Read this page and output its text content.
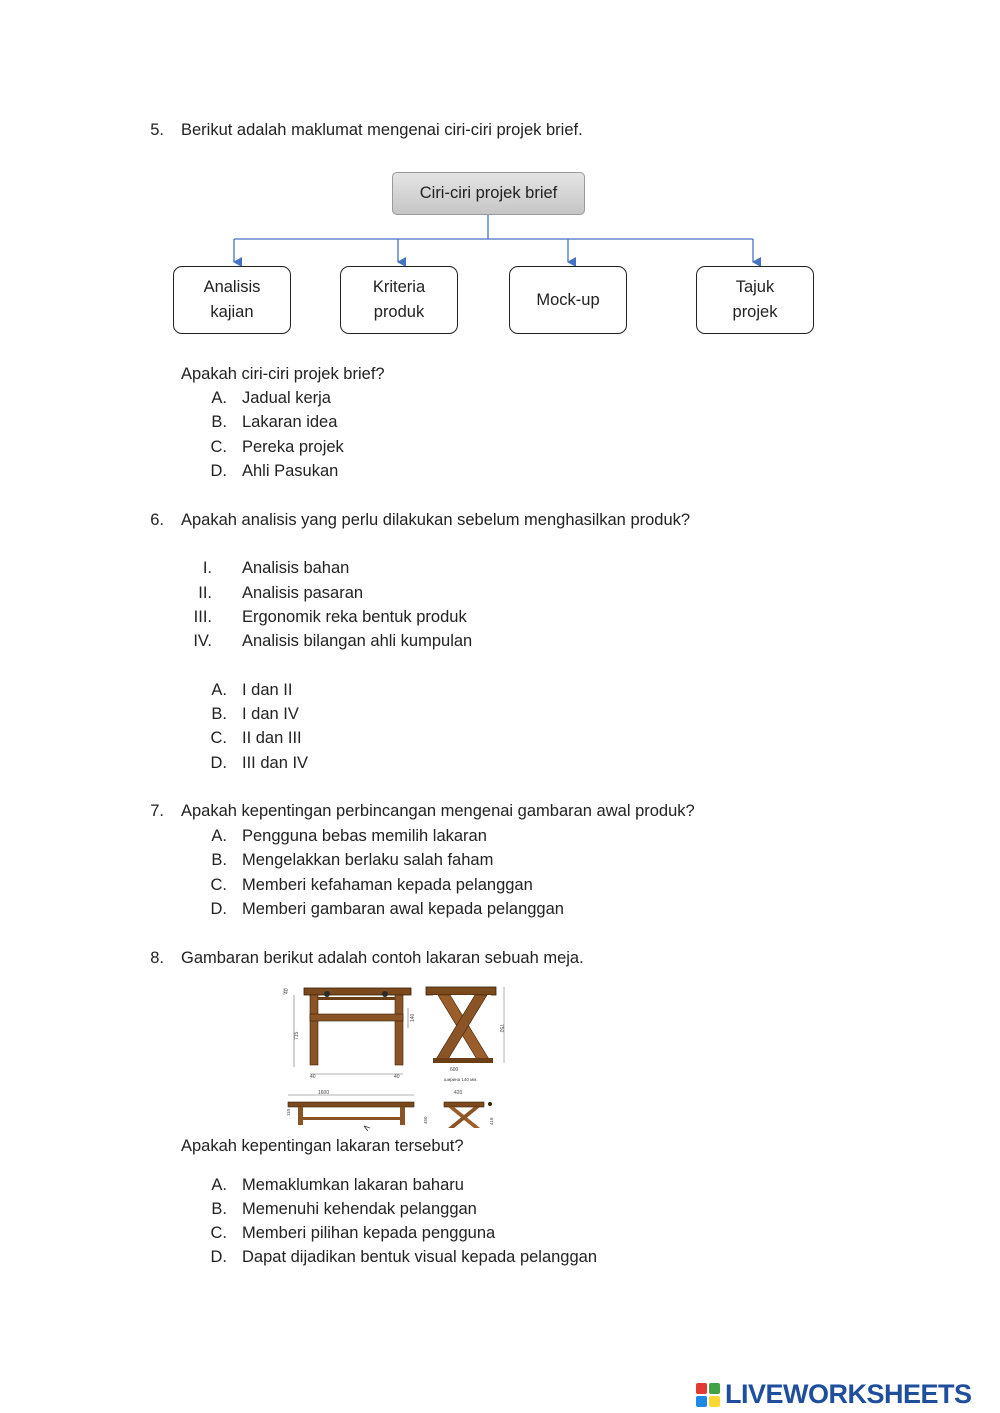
5. Berikut adalah maklumat mengenai ciri-ciri projek brief.
Ciri-ciri projek brief
Analisis
kajian
Kriteria
produk
Mock-up
Tajuk
projek
Apakah ciri-ciri projek brief?
A. Jadual kerja
B. Lakaran idea
C. Pereka projek
D. Ahli Pasukan
6. Apakah analisis yang perlu dilakukan sebelum menghasilkan produk?
I. Analisis bahan
II. Analisis pasaran
III. Ergonomik reka bentuk produk
IV. Analisis bilangan ahli kumpulan
A. I dan II
B. I dan IV
C. II dan III
D. III dan IV
7. Apakah kepentingan perbincangan mengenai gambaran awal produk?
A. Pengguna bebas memilih lakaran
B. Mengelakkan berlaku salah faham
C. Memberi kefahaman kepada pelanggan
D. Memberi gambaran awal kepada pelanggan
8. Gambaran berikut adalah contoh lakaran sebuah meja.
40
140
715
40	40
750
600
ширина 140 мм.
1600
110
450
420
418
Apakah kepentingan lakaran tersebut?
A. Memaklumkan lakaran baharu
B. Memenuhi kehendak pelanggan
C. Memberi pilihan kepada pengguna
D. Dapat dijadikan bentuk visual kepada pelanggan
LIVEWORKSHEETS
